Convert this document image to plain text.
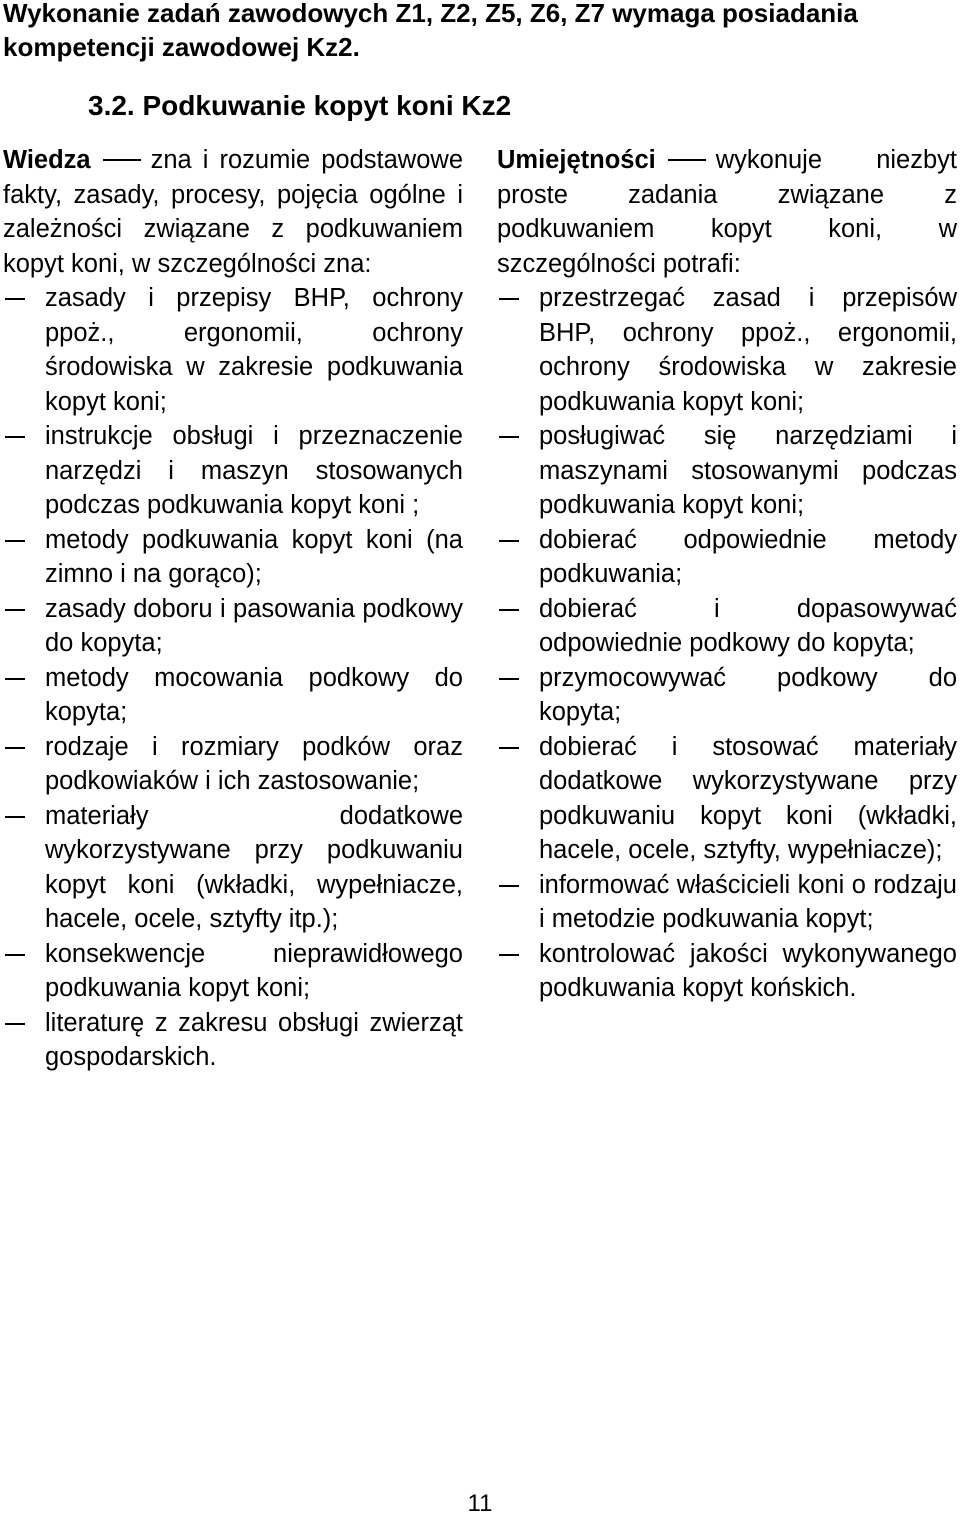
Wykonanie zadań zawodowych Z1, Z2, Z5, Z6, Z7 wymaga posiadania kompetencji zawodowej Kz2.
3.2. Podkuwanie kopyt koni Kz2

Wiedza zna i rozumie podstawowe fakty, zasady, procesy, pojęcia ogólne i zależności związane z podkuwaniem kopyt koni, w szczególności zna:

zasady i przepisy BHP, ochrony ppoż., ergonomii, ochrony środowiska w zakresie podkuwania kopyt koni;
instrukcje obsługi i przeznaczenie narzędzi i maszyn stosowanych podczas podkuwania kopyt koni ;
metody podkuwania kopyt koni (na zimno i na gorąco);
zasady doboru i pasowania podkowy do kopyta;
metody mocowania podkowy do kopyta;
rodzaje i rozmiary podków oraz podkowiaków i ich zastosowanie;
materiały dodatkowe wykorzystywane przy podkuwaniu kopyt koni (wkładki, wypełniacze, hacele, ocele, sztyfty itp.);
konsekwencje nieprawidłowego podkuwania kopyt koni;
literaturę z zakresu obsługi zwierząt gospodarskich.

Umiejętności wykonuje niezbyt proste zadania związane z podkuwaniem kopyt koni, w szczególności potrafi:

przestrzegać zasad i przepisów BHP, ochrony ppoż., ergonomii, ochrony środowiska w zakresie podkuwania kopyt koni;
posługiwać się narzędziami i maszynami stosowanymi podczas podkuwania kopyt koni;
dobierać odpowiednie metody podkuwania;
dobierać i dopasowywać odpowiednie podkowy do kopyta;
przymocowywać podkowy do kopyta;
dobierać i stosować materiały dodatkowe wykorzystywane przy podkuwaniu kopyt koni (wkładki, hacele, ocele, sztyfty, wypełniacze);
informować właścicieli koni o rodzaju i metodzie podkuwania kopyt;
kontrolować jakości wykonywanego podkuwania kopyt końskich.
11
